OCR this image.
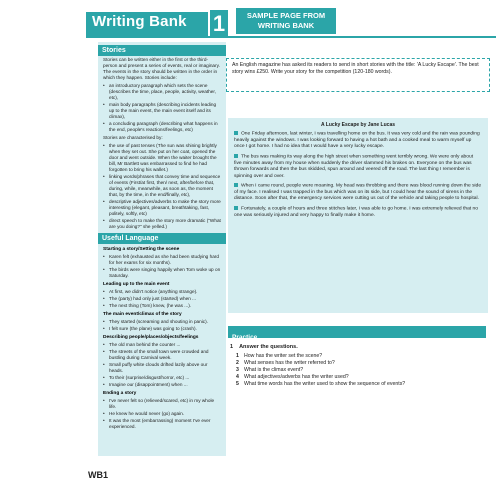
Writing Bank 1	SAMPLE PAGE FROM WRITING BANK
Stories
Stories can be written either in the first or the third-person and present a series of events, real or imaginary. The events in the story should be written in the order in which they happen. Stories include:
• an introductory paragraph which sets the scene (describes the time, place, people, activity, weather, etc),
• main body paragraphs (describing incidents leading up to the main event, the main event itself and its climax),
• a concluding paragraph (describing what happens in the end, people's reactions/feelings, etc)
Stories are characterised by:
• the use of past tenses (The sun was shining brightly when they set out. She put on her coat, opened the door and went outside. When the waiter brought the bill, Mr Bartlett was embarrassed to find he had forgotten to bring his wallet.)
• linking words/phrases that convey time and sequence of events (First/at first, then/ next, after/before that, during, while, meanwhile, as soon as, the moment that, by the time, in the end/finally, etc),
• descriptive adjectives/adverbs to make the story more interesting (elegant, pleasant, breathtaking, fast, politely, softly, etc)
• direct speech to make the story more dramatic ("What are you doing?" she yelled.)
Useful Language
Starting a story/Setting the scene
• Karen felt (exhausted as she had been studying hard for her exams for six months).
• The birds were singing happily when Tom woke up on Saturday.
Leading up to the main event
• At first, we didn't notice (anything strange).
• The (party) had only just (started) when ...
• The next thing (Tom) knew, (he was ...).
The main event/climax of the story
• They started (screaming and shouting in panic).
• I felt sure (the plane) was going to (crash).
Describing people/places/objects/feelings
• The old man behind the counter ...
• The streets of the small town were crowded and bustling during Carnival week.
• Small puffy white clouds drifted lazily above our heads.
• To their (surprise/disgust/horror, etc) ...
• Imagine our (disappointment) when ...
Ending a story
• I've never felt so (relieved/scared, etc) in my whole life.
• He knew he would never (go) again.
• It was the most (embarrassing) moment I've ever experienced.
An English magazine has asked its readers to send in short stories with the title: 'A Lucky Escape'. The best story wins £250. Write your story for the competition (120-180 words).
A Lucky Escape by Jane Lucas

One Friday afternoon, last winter, I was travelling home on the bus. It was very cold and the rain was pounding heavily against the windows. I was looking forward to having a hot bath and a cooked meal to warm myself up once I got home. I had no idea that I would have a very lucky escape.

The bus was making its way along the high street when something went terribly wrong. We were only about five minutes away from my house when suddenly the driver slammed his brakes on. Everyone on the bus was thrown forwards and then the bus skidded, spun around and veered off the road. The last thing I remember is spinning over and over.

When I came round, people were moaning. My head was throbbing and there was blood running down the side of my face. I realised I was trapped in the bus which was on its side, but I could hear the sound of sirens in the distance. Soon after that, the emergency services were cutting us out of the vehicle and taking people to hospital.

Fortunately, a couple of hours and three stitches later, I was able to go home. I was extremely relieved that no one was seriously injured and very happy to finally make it home.

Practice
1 Answer the questions.
1 How has the writer set the scene?
2 What senses has the writer referred to?
3 What is the climax event?
4 What adjectives/adverbs has the writer used?
5 What time words has the writer used to show the sequence of events?
WB1
